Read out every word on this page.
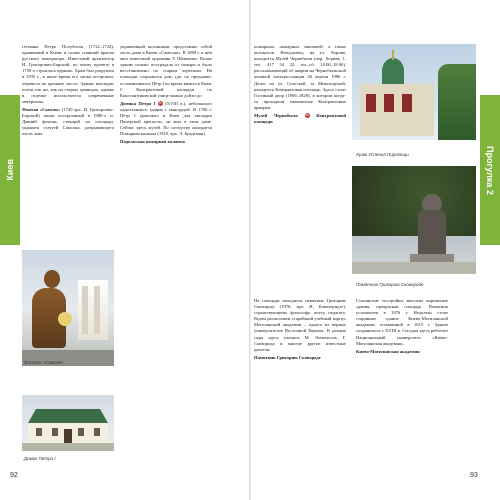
Киев

гетманы Петро Полуботок (1722–1724), правивший в Киеве и позже ставший врагом русского императора. Известный архитектор И. Григорович-Барский, по чьему проекту в 1750-х строилась церковь. Храм был разрушен в 1935 г., в наше время его снова отстроили, перенеся на прежнее место. Здание выглядит почти так же, как на старых гравюрах, однако в отделке используются современные материалы.

Фонтан «Самсон» (1749 арх. И. Григорович-Барский) также построенный в 1980-х гг. Давний фонтан, стоящий на площади, украшен статуей Самсона, разрывающего пасть льва.

Фонтан «Самсон»
Домик Петра I

украшенный колоннами, представлял собой часть дома в Киеве «Самсона». В 1809 г. в нём жил известный художник Т. Шевченко. Позже здание сильно пострадало от пожара и было восстановлено по старым чертежам. На площади сохранился дом, где, по преданию, останавливался Пётр I во время визита в Киев. С Контрактовой площади по Константиновской улице можно дойти до

Домика Петра I M (XVIII в.), небольшого одноэтажного здания с мансардой. В 1706 г. Пётр I приезжал в Киев для закладки Печерской крепости, он жил в этом доме. Сейчас здесь музей. По соседству находится Пожарная каланча (1910, арх. Э. Брадтман).

Подольская пожарная каланча

92

пожарных, пожарных экипажей, а также колоколов. Неподалёку, на ул. Хорива, находится Музей Чернобыля (пер. Хорива, 1, тел. 417 54 22, пн.–сб. 10.00–18.00), рассказывающий об аварии на Чернобыльской атомной электростанции 26 апреля 1986 г. Далее по ул. Спасской, за Межигорской, находится Контрактовая площадь. Здесь стоит Гостиный двор (1809–1828), в котором когда-то проходили знаменитые Контрактовые ярмарки.

Музей Чернобыля M Контрактовой площади

Храм Успения Пирогощи
Памятник Григорию Сковороде

На площади находится памятник Григорию Сковороде (1976, арх. И. Кавалеридзе), странствующему философу, поэту, педагогу. Рядом расположен старейший учебный корпус Могилянской академии – одного из первых университетов Восточной Европы. В разные годы здесь учились М. Ломоносов, Г. Сковорода и многие другие известные деятели.

Памятник Григорию Сковороде

Сталинские постройки, высокие кирпичные здания, прекрасная площадь. Памятник установлен в 1976 г. Недалеко стоит старинное здание Киево-Могилянской академии, основанной в 1615 г. Здание сохранилось с XVIII в. Сегодня здесь работает Национальный университет «Киево-Могилянская академия».

Киево-Могилянская академия

Прогулка 2
93
